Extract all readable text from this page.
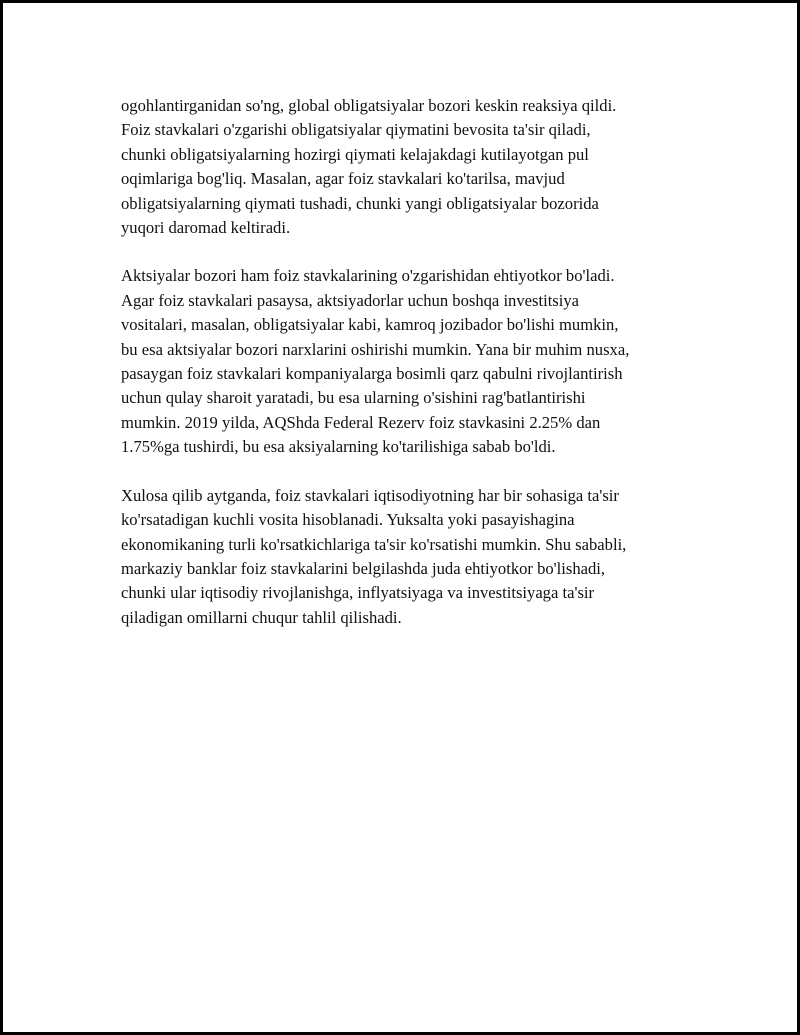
ogohlantirganidan so'ng, global obligatsiyalar bozori keskin reaksiya qildi.
Foiz stavkalari o'zgarishi obligatsiyalar qiymatini bevosita ta'sir qiladi,
chunki obligatsiyalarning hozirgi qiymati kelajakdagi kutilayotgan pul
oqimlariga bog'liq. Masalan, agar foiz stavkalari ko'tarilsa, mavjud
obligatsiyalarning qiymati tushadi, chunki yangi obligatsiyalar bozorida
yuqori daromad keltiradi.

Aktsiyalar bozori ham foiz stavkalarining o'zgarishidan ehtiyotkor bo'ladi.
Agar foiz stavkalari pasaysa, aktsiyadorlar uchun boshqa investitsiya
vositalari, masalan, obligatsiyalar kabi, kamroq jozibador bo'lishi mumkin,
bu esa aktsiyalar bozori narxlarini oshirishi mumkin. Yana bir muhim nusxa,
pasaygan foiz stavkalari kompaniyalarga bosimli qarz qabulni rivojlantirish
uchun qulay sharoit yaratadi, bu esa ularning o'sishini rag'batlantirishi
mumkin. 2019 yilda, AQShda Federal Rezerv foiz stavkasini 2.25% dan
1.75%ga tushirdi, bu esa aksiyalarning ko'tarilishiga sabab bo'ldi.

Xulosa qilib aytganda, foiz stavkalari iqtisodiyotning har bir sohasiga ta'sir
ko'rsatadigan kuchli vosita hisoblanadi. Yuksalta yoki pasayishagina
ekonomikaning turli ko'rsatkichlariga ta'sir ko'rsatishi mumkin. Shu sababli,
markaziy banklar foiz stavkalarini belgilashda juda ehtiyotkor bo'lishadi,
chunki ular iqtisodiy rivojlanishga, inflyatsiyaga va investitsiyaga ta'sir
qiladigan omillarni chuqur tahlil qilishadi.
